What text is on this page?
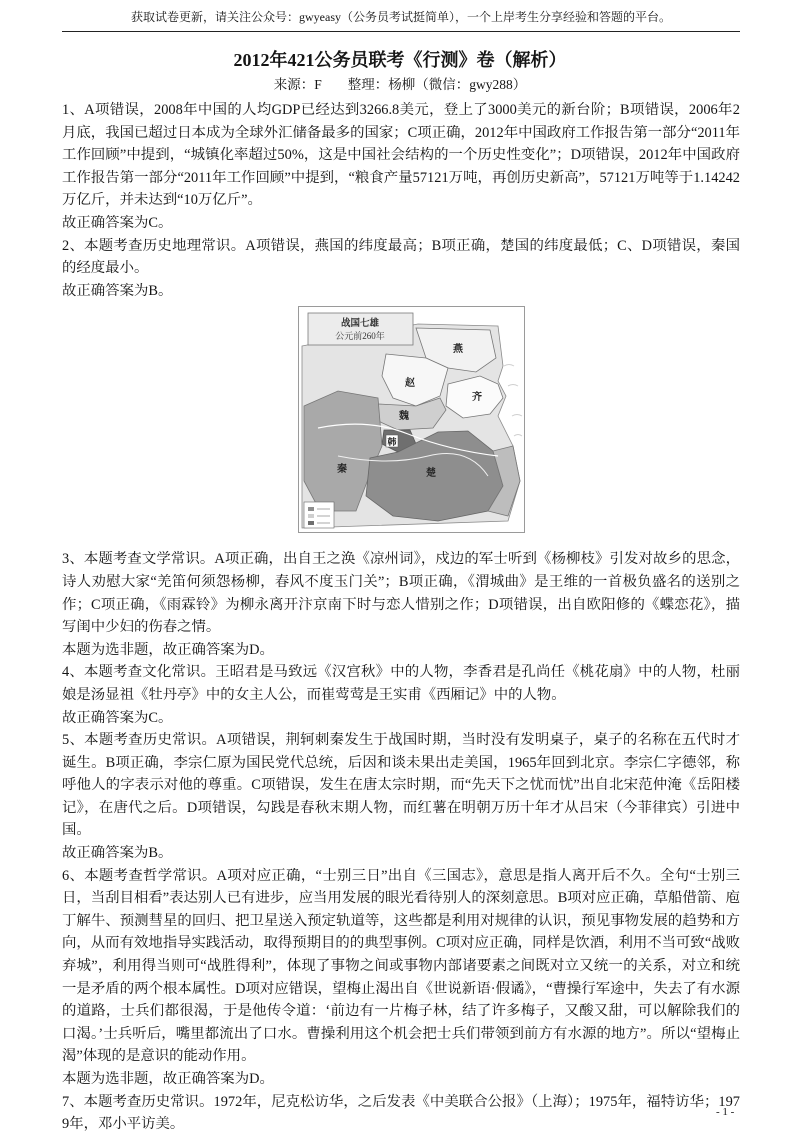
获取试卷更新，请关注公众号：gwyeasy（公务员考试挺简单），一个上岸考生分享经验和答题的平台。
2012年421公务员联考《行测》卷（解析）
来源：F 整理：杨柳（微信：gwy288）

1、A项错误，2008年中国的人均GDP已经达到3266.8美元，登上了3000美元的新台阶；B项错误，2006年2月底，我国已超过日本成为全球外汇储备最多的国家；C项正确，2012年中国政府工作报告第一部分“2011年工作回顾”中提到，“城镇化率超过50%，这是中国社会结构的一个历史性变化”；D项错误，2012年中国政府工作报告第一部分“2011年工作回顾”中提到，“粮食产量57121万吨，再创历史新高”，57121万吨等于1.14242万亿斤，并未达到“10万亿斤”。

故正确答案为C。

2、本题考查历史地理常识。A项错误，燕国的纬度最高；B项正确，楚国的纬度最低；C、D项错误，秦国的经度最小。

故正确答案为B。

战国七雄
公元前260年
燕
赵
齐
魏
韩
秦	楚

3、本题考查文学常识。A项正确，出自王之涣《凉州词》，戍边的军士听到《杨柳枝》引发对故乡的思念，诗人劝慰大家“羌笛何须怨杨柳，春风不度玉门关”；B项正确，《渭城曲》是王维的一首极负盛名的送别之作；C项正确，《雨霖铃》为柳永离开汴京南下时与恋人惜别之作；D项错误，出自欧阳修的《蝶恋花》，描写闺中少妇的伤春之情。

本题为选非题，故正确答案为D。

4、本题考查文化常识。王昭君是马致远《汉宫秋》中的人物，李香君是孔尚任《桃花扇》中的人物，杜丽娘是汤显祖《牡丹亭》中的女主人公，而崔莺莺是王实甫《西厢记》中的人物。

故正确答案为C。

5、本题考查历史常识。A项错误，荆轲刺秦发生于战国时期，当时没有发明桌子，桌子的名称在五代时才诞生。B项正确，李宗仁原为国民党代总统，后因和谈未果出走美国，1965年回到北京。李宗仁字德邻，称呼他人的字表示对他的尊重。C项错误，发生在唐太宗时期，而“先天下之忧而忧”出自北宋范仲淹《岳阳楼记》，在唐代之后。D项错误，勾践是春秋末期人物，而红薯在明朝万历十年才从吕宋（今菲律宾）引进中国。

故正确答案为B。

6、本题考查哲学常识。A项对应正确，“士别三日”出自《三国志》，意思是指人离开后不久。全句“士别三日，当刮目相看”表达别人已有进步，应当用发展的眼光看待别人的深刻意思。B项对应正确，草船借箭、庖丁解牛、预测彗星的回归、把卫星送入预定轨道等，这些都是利用对规律的认识，预见事物发展的趋势和方向，从而有效地指导实践活动，取得预期目的的典型事例。C项对应正确，同样是饮酒，利用不当可致“战败弃城”，利用得当则可“战胜得利”，体现了事物之间或事物内部诸要素之间既对立又统一的关系，对立和统一是矛盾的两个根本属性。D项对应错误，望梅止渴出自《世说新语·假谲》，“曹操行军途中，失去了有水源的道路，士兵们都很渴，于是他传令道：‘前边有一片梅子林，结了许多梅子，又酸又甜，可以解除我们的口渴。’士兵听后，嘴里都流出了口水。曹操利用这个机会把士兵们带领到前方有水源的地方”。所以“望梅止渴”体现的是意识的能动作用。

本题为选非题，故正确答案为D。

7、本题考查历史常识。1972年，尼克松访华，之后发表《中美联合公报》（上海）；1975年，福特访华；1979年，邓小平访美。

- 1 -
